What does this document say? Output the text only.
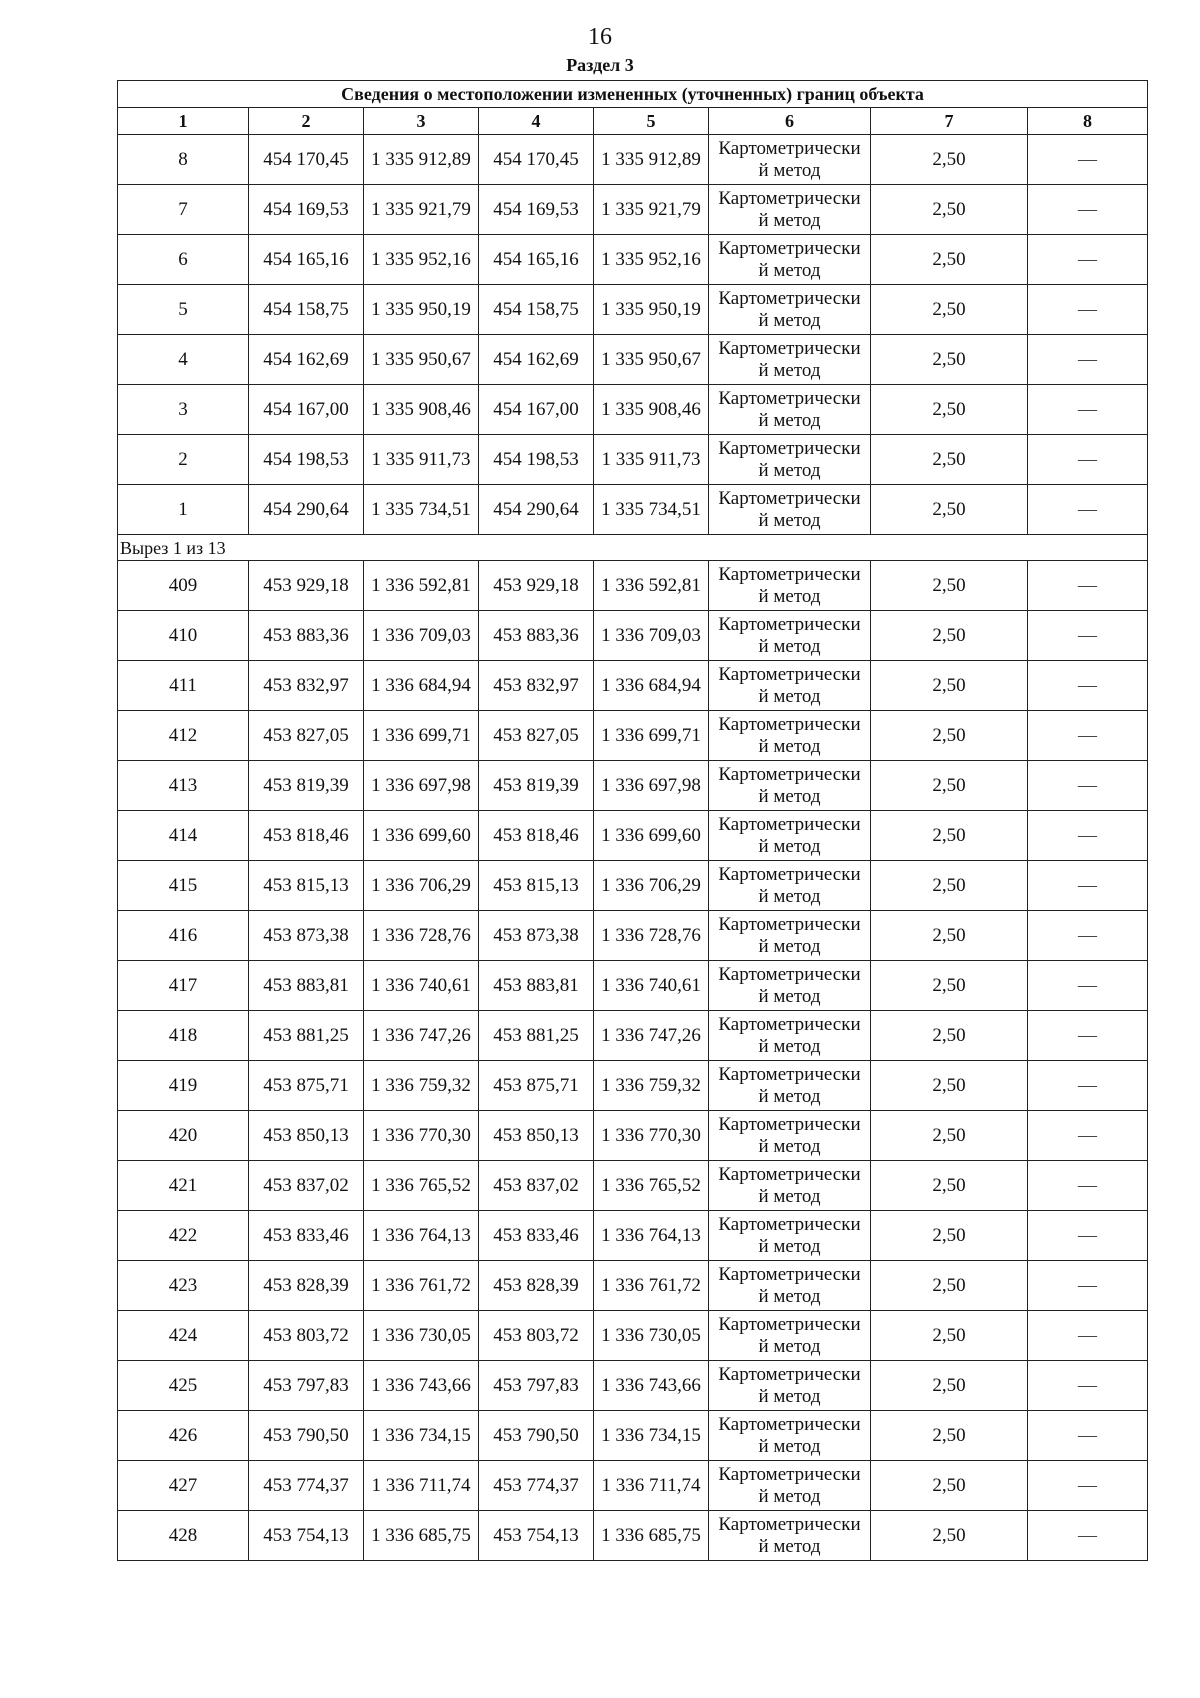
16
Раздел 3
Сведения о местоположении измененных (уточненных) границ объекта							
1	2	3	4	5	6	7	8
8	454 170,45	1 335 912,89	454 170,45	1 335 912,89	Картометрически
й метод	2,50	—
7	454 169,53	1 335 921,79	454 169,53	1 335 921,79	Картометрически
й метод	2,50	—
6	454 165,16	1 335 952,16	454 165,16	1 335 952,16	Картометрически
й метод	2,50	—
5	454 158,75	1 335 950,19	454 158,75	1 335 950,19	Картометрически
й метод	2,50	—
4	454 162,69	1 335 950,67	454 162,69	1 335 950,67	Картометрически
й метод	2,50	—
3	454 167,00	1 335 908,46	454 167,00	1 335 908,46	Картометрически
й метод	2,50	—
2	454 198,53	1 335 911,73	454 198,53	1 335 911,73	Картометрически
й метод	2,50	—
1	454 290,64	1 335 734,51	454 290,64	1 335 734,51	Картометрически
й метод	2,50	—
Вырез 1 из 13							
409	453 929,18	1 336 592,81	453 929,18	1 336 592,81	Картометрически
й метод	2,50	—
410	453 883,36	1 336 709,03	453 883,36	1 336 709,03	Картометрически
й метод	2,50	—
411	453 832,97	1 336 684,94	453 832,97	1 336 684,94	Картометрически
й метод	2,50	—
412	453 827,05	1 336 699,71	453 827,05	1 336 699,71	Картометрически
й метод	2,50	—
413	453 819,39	1 336 697,98	453 819,39	1 336 697,98	Картометрически
й метод	2,50	—
414	453 818,46	1 336 699,60	453 818,46	1 336 699,60	Картометрически
й метод	2,50	—
415	453 815,13	1 336 706,29	453 815,13	1 336 706,29	Картометрически
й метод	2,50	—
416	453 873,38	1 336 728,76	453 873,38	1 336 728,76	Картометрически
й метод	2,50	—
417	453 883,81	1 336 740,61	453 883,81	1 336 740,61	Картометрически
й метод	2,50	—
418	453 881,25	1 336 747,26	453 881,25	1 336 747,26	Картометрически
й метод	2,50	—
419	453 875,71	1 336 759,32	453 875,71	1 336 759,32	Картометрически
й метод	2,50	—
420	453 850,13	1 336 770,30	453 850,13	1 336 770,30	Картометрически
й метод	2,50	—
421	453 837,02	1 336 765,52	453 837,02	1 336 765,52	Картометрически
й метод	2,50	—
422	453 833,46	1 336 764,13	453 833,46	1 336 764,13	Картометрически
й метод	2,50	—
423	453 828,39	1 336 761,72	453 828,39	1 336 761,72	Картометрически
й метод	2,50	—
424	453 803,72	1 336 730,05	453 803,72	1 336 730,05	Картометрически
й метод	2,50	—
425	453 797,83	1 336 743,66	453 797,83	1 336 743,66	Картометрически
й метод	2,50	—
426	453 790,50	1 336 734,15	453 790,50	1 336 734,15	Картометрически
й метод	2,50	—
427	453 774,37	1 336 711,74	453 774,37	1 336 711,74	Картометрически
й метод	2,50	—
428	453 754,13	1 336 685,75	453 754,13	1 336 685,75	Картометрически
й метод	2,50	—
